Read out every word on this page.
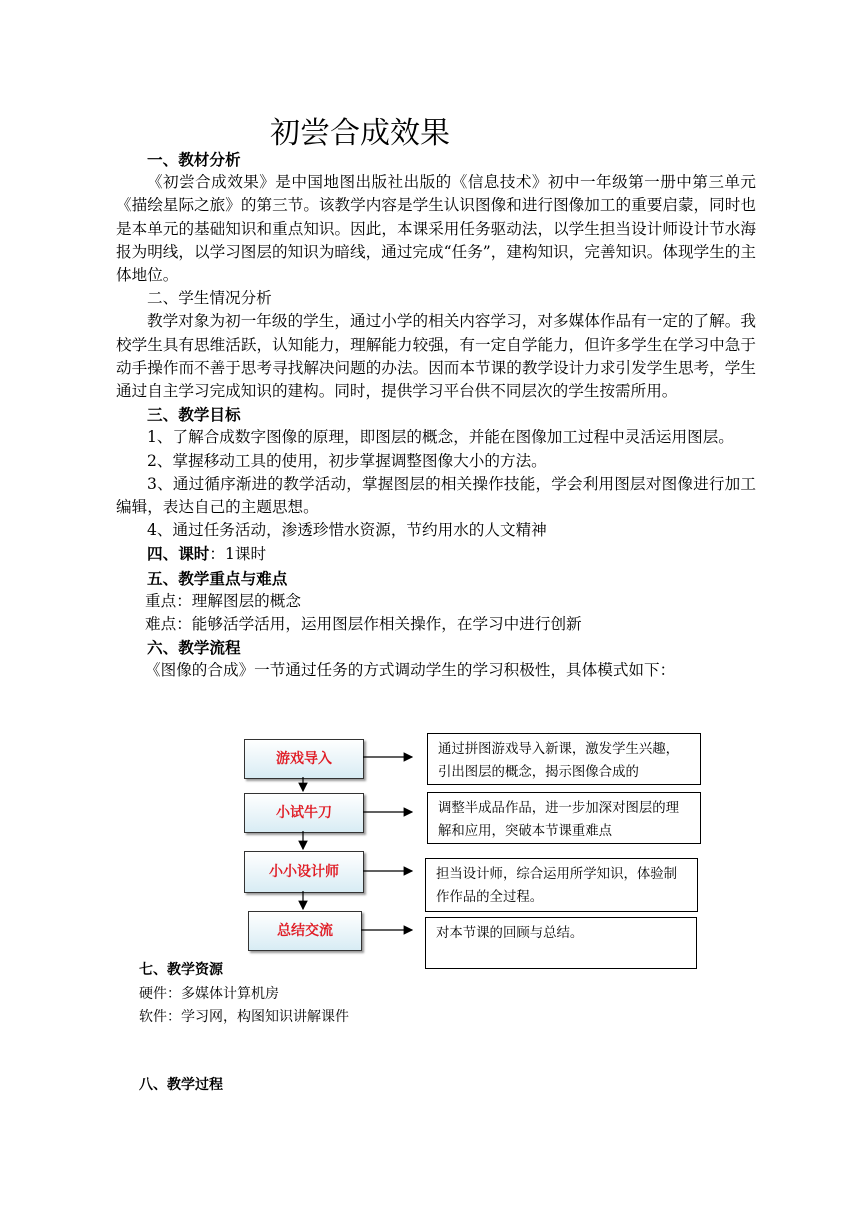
初尝合成效果

一、教材分析

《初尝合成效果》是中国地图出版社出版的《信息技术》初中一年级第一册中第三单元《描绘星际之旅》的第三节。该教学内容是学生认识图像和进行图像加工的重要启蒙，同时也是本单元的基础知识和重点知识。因此，本课采用任务驱动法，以学生担当设计师设计节水海报为明线，以学习图层的知识为暗线，通过完成“任务”，建构知识，完善知识。体现学生的主体地位。

二、学生情况分析

教学对象为初一年级的学生，通过小学的相关内容学习，对多媒体作品有一定的了解。我校学生具有思维活跃，认知能力，理解能力较强，有一定自学能力，但许多学生在学习中急于动手操作而不善于思考寻找解决问题的办法。因而本节课的教学设计力求引发学生思考，学生通过自主学习完成知识的建构。同时，提供学习平台供不同层次的学生按需所用。

三、教学目标

1、了解合成数字图像的原理，即图层的概念，并能在图像加工过程中灵活运用图层。

2、掌握移动工具的使用，初步掌握调整图像大小的方法。

3、通过循序渐进的教学活动，掌握图层的相关操作技能，学会利用图层对图像进行加工编辑，表达自己的主题思想。

4、通过任务活动，渗透珍惜水资源，节约用水的人文精神

四、课时：1课时

五、教学重点与难点

重点：理解图层的概念

难点：能够活学活用，运用图层作相关操作，在学习中进行创新

六、教学流程

《图像的合成》一节通过任务的方式调动学生的学习积极性，具体模式如下：

游戏导入
小试牛刀
小小设计师
总结交流
通过拼图游戏导入新课，激发学生兴趣，引出图层的概念，揭示图像合成的
调整半成品作品，进一步加深对图层的理解和应用，突破本节课重难点
担当设计师，综合运用所学知识，体验制作作品的全过程。
对本节课的回顾与总结。
七、教学资源
硬件：多媒体计算机房
软件：学习网，构图知识讲解课件
八、教学过程
